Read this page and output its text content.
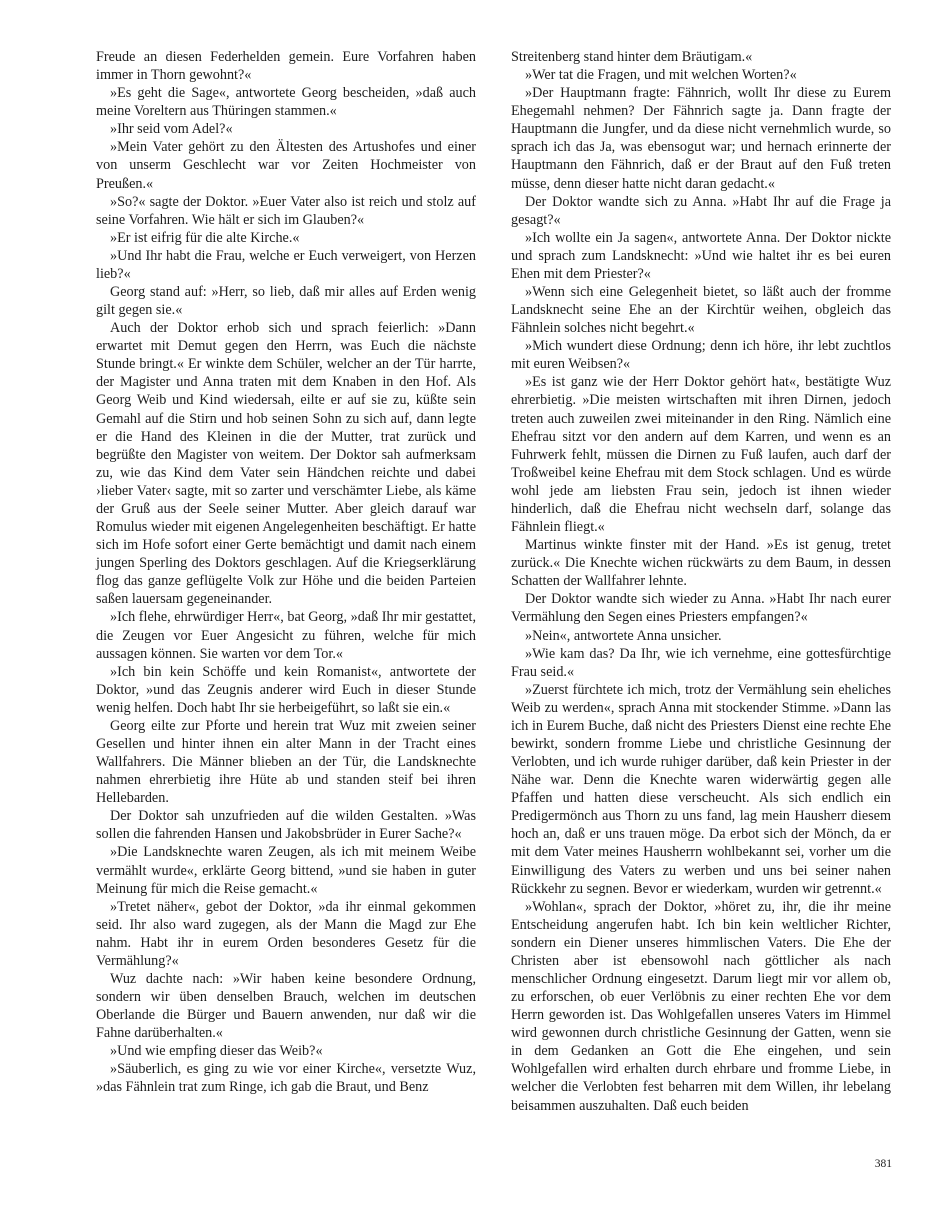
Freude an diesen Federhelden gemein. Eure Vorfahren haben immer in Thorn gewohnt?«

»Es geht die Sage«, antwortete Georg bescheiden, »daß auch meine Voreltern aus Thüringen stammen.«

»Ihr seid vom Adel?«

»Mein Vater gehört zu den Ältesten des Artushofes und einer von unserm Geschlecht war vor Zeiten Hochmeister von Preußen.«

»So?« sagte der Doktor. »Euer Vater also ist reich und stolz auf seine Vorfahren. Wie hält er sich im Glauben?«

»Er ist eifrig für die alte Kirche.«

»Und Ihr habt die Frau, welche er Euch verweigert, von Herzen lieb?«

Georg stand auf: »Herr, so lieb, daß mir alles auf Erden wenig gilt gegen sie.«

Auch der Doktor erhob sich und sprach feierlich: »Dann erwartet mit Demut gegen den Herrn, was Euch die nächste Stunde bringt.« Er winkte dem Schüler, welcher an der Tür harrte, der Magister und Anna traten mit dem Knaben in den Hof. Als Georg Weib und Kind wiedersah, eilte er auf sie zu, küßte sein Gemahl auf die Stirn und hob seinen Sohn zu sich auf, dann legte er die Hand des Kleinen in die der Mutter, trat zurück und begrüßte den Magister von weitem. Der Doktor sah aufmerksam zu, wie das Kind dem Vater sein Händchen reichte und dabei ›lieber Vater‹ sagte, mit so zarter und verschämter Liebe, als käme der Gruß aus der Seele seiner Mutter. Aber gleich darauf war Romulus wieder mit eigenen Angelegenheiten beschäftigt. Er hatte sich im Hofe sofort einer Gerte bemächtigt und damit nach einem jungen Sperling des Doktors geschlagen. Auf die Kriegserklärung flog das ganze geflügelte Volk zur Höhe und die beiden Parteien saßen lauersam gegeneinander.

»Ich flehe, ehrwürdiger Herr«, bat Georg, »daß Ihr mir gestattet, die Zeugen vor Euer Angesicht zu führen, welche für mich aussagen können. Sie warten vor dem Tor.«

»Ich bin kein Schöffe und kein Romanist«, antwortete der Doktor, »und das Zeugnis anderer wird Euch in dieser Stunde wenig helfen. Doch habt Ihr sie herbeigeführt, so laßt sie ein.«

Georg eilte zur Pforte und herein trat Wuz mit zweien seiner Gesellen und hinter ihnen ein alter Mann in der Tracht eines Wallfahrers. Die Männer blieben an der Tür, die Landsknechte nahmen ehrerbietig ihre Hüte ab und standen steif bei ihren Hellebarden.

Der Doktor sah unzufrieden auf die wilden Gestalten. »Was sollen die fahrenden Hansen und Jakobsbrüder in Eurer Sache?«

»Die Landsknechte waren Zeugen, als ich mit meinem Weibe vermählt wurde«, erklärte Georg bittend, »und sie haben in guter Meinung für mich die Reise gemacht.«

»Tretet näher«, gebot der Doktor, »da ihr einmal gekommen seid. Ihr also ward zugegen, als der Mann die Magd zur Ehe nahm. Habt ihr in eurem Orden besonderes Gesetz für die Vermählung?«

Wuz dachte nach: »Wir haben keine besondere Ordnung, sondern wir üben denselben Brauch, welchen im deutschen Oberlande die Bürger und Bauern anwenden, nur daß wir die Fahne darüberhalten.«

»Und wie empfing dieser das Weib?«

»Säuberlich, es ging zu wie vor einer Kirche«, versetzte Wuz, »das Fähnlein trat zum Ringe, ich gab die Braut, und Benz

Streitenberg stand hinter dem Bräutigam.«

»Wer tat die Fragen, und mit welchen Worten?«

»Der Hauptmann fragte: Fähnrich, wollt Ihr diese zu Eurem Ehegemahl nehmen? Der Fähnrich sagte ja. Dann fragte der Hauptmann die Jungfer, und da diese nicht vernehmlich wurde, so sprach ich das Ja, was ebensogut war; und hernach erinnerte der Hauptmann den Fähnrich, daß er der Braut auf den Fuß treten müsse, denn dieser hatte nicht daran gedacht.«

Der Doktor wandte sich zu Anna. »Habt Ihr auf die Frage ja gesagt?«

»Ich wollte ein Ja sagen«, antwortete Anna. Der Doktor nickte und sprach zum Landsknecht: »Und wie haltet ihr es bei euren Ehen mit dem Priester?«

»Wenn sich eine Gelegenheit bietet, so läßt auch der fromme Landsknecht seine Ehe an der Kirchtür weihen, obgleich das Fähnlein solches nicht begehrt.«

»Mich wundert diese Ordnung; denn ich höre, ihr lebt zuchtlos mit euren Weibsen?«

»Es ist ganz wie der Herr Doktor gehört hat«, bestätigte Wuz ehrerbietig. »Die meisten wirtschaften mit ihren Dirnen, jedoch treten auch zuweilen zwei miteinander in den Ring. Nämlich eine Ehefrau sitzt vor den andern auf dem Karren, und wenn es an Fuhrwerk fehlt, müssen die Dirnen zu Fuß laufen, auch darf der Troßweibel keine Ehefrau mit dem Stock schlagen. Und es würde wohl jede am liebsten Frau sein, jedoch ist ihnen wieder hinderlich, daß die Ehefrau nicht wechseln darf, solange das Fähnlein fliegt.«

Martinus winkte finster mit der Hand. »Es ist genug, tretet zurück.« Die Knechte wichen rückwärts zu dem Baum, in dessen Schatten der Wallfahrer lehnte.

Der Doktor wandte sich wieder zu Anna. »Habt Ihr nach eurer Vermählung den Segen eines Priesters empfangen?«

»Nein«, antwortete Anna unsicher.

»Wie kam das? Da Ihr, wie ich vernehme, eine gottesfürchtige Frau seid.«

»Zuerst fürchtete ich mich, trotz der Vermählung sein eheliches Weib zu werden«, sprach Anna mit stockender Stimme. »Dann las ich in Eurem Buche, daß nicht des Priesters Dienst eine rechte Ehe bewirkt, sondern fromme Liebe und christliche Gesinnung der Verlobten, und ich wurde ruhiger darüber, daß kein Priester in der Nähe war. Denn die Knechte waren widerwärtig gegen alle Pfaffen und hatten diese verscheucht. Als sich endlich ein Predigermönch aus Thorn zu uns fand, lag mein Hausherr diesem hoch an, daß er uns trauen möge. Da erbot sich der Mönch, da er mit dem Vater meines Hausherrn wohlbekannt sei, vorher um die Einwilligung des Vaters zu werben und uns bei seiner nahen Rückkehr zu segnen. Bevor er wiederkam, wurden wir getrennt.«

»Wohlan«, sprach der Doktor, »höret zu, ihr, die ihr meine Entscheidung angerufen habt. Ich bin kein weltlicher Richter, sondern ein Diener unseres himmlischen Vaters. Die Ehe der Christen aber ist ebensowohl nach göttlicher als nach menschlicher Ordnung eingesetzt. Darum liegt mir vor allem ob, zu erforschen, ob euer Verlöbnis zu einer rechten Ehe vor dem Herrn geworden ist. Das Wohlgefallen unseres Vaters im Himmel wird gewonnen durch christliche Gesinnung der Gatten, wenn sie in dem Gedanken an Gott die Ehe eingehen, und sein Wohlgefallen wird erhalten durch ehrbare und fromme Liebe, in welcher die Verlobten fest beharren mit dem Willen, ihr lebelang beisammen auszuhalten. Daß euch beiden

381
